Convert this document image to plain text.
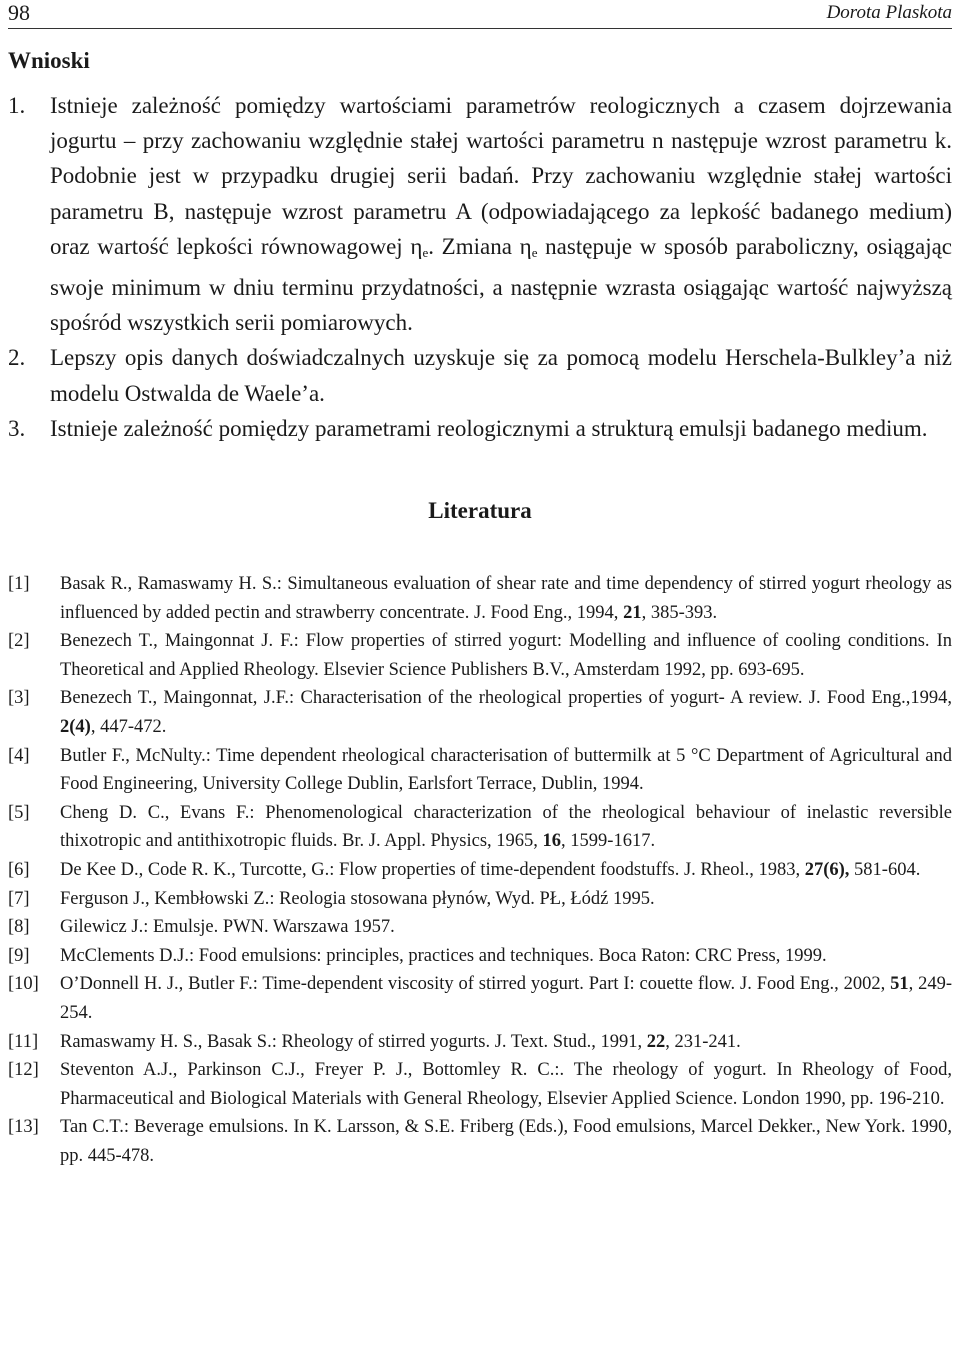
98	Dorota Plaskota
Wnioski
1. Istnieje zależność pomiędzy wartościami parametrów reologicznych a czasem dojrzewania jogurtu – przy zachowaniu względnie stałej wartości parametru n następuje wzrost parametru k. Podobnie jest w przypadku drugiej serii badań. Przy zachowaniu względnie stałej wartości parametru B, następuje wzrost parametru A (odpowiadającego za lepkość badanego medium) oraz wartość lepkości równowagowej $\eta_e$. Zmiana $\eta_e$ następuje w sposób paraboliczny, osiągając swoje minimum w dniu terminu przydatności, a następnie wzrasta osiągając wartość najwyższą spośród wszystkich serii pomiarowych.
2. Lepszy opis danych doświadczalnych uzyskuje się za pomocą modelu Herschela-Bulkley’a niż modelu Ostwalda de Waele’a.
3. Istnieje zależność pomiędzy parametrami reologicznymi a strukturą emulsji badanego medium.
Literatura
[1] Basak R., Ramaswamy H. S.: Simultaneous evaluation of shear rate and time dependency of stirred yogurt rheology as influenced by added pectin and strawberry concentrate. J. Food Eng., 1994, 21, 385-393.
[2] Benezech T., Maingonnat J. F.: Flow properties of stirred yogurt: Modelling and influence of cooling conditions. In Theoretical and Applied Rheology. Elsevier Science Publishers B.V., Amsterdam 1992, pp. 693-695.
[3] Benezech T., Maingonnat, J.F.: Characterisation of the rheological properties of yogurt- A review. J. Food Eng.,1994, 2(4), 447-472.
[4] Butler F., McNulty.: Time dependent rheological characterisation of buttermilk at 5 °C Department of Agricultural and Food Engineering, University College Dublin, Earlsfort Terrace, Dublin, 1994.
[5] Cheng D. C., Evans F.: Phenomenological characterization of the rheological behaviour of inelastic reversible thixotropic and antithixotropic fluids. Br. J. Appl. Physics, 1965, 16, 1599-1617.
[6] De Kee D., Code R. K., Turcotte, G.: Flow properties of time-dependent foodstuffs. J. Rheol., 1983, 27(6), 581-604.
[7] Ferguson J., Kembłowski Z.: Reologia stosowana płynów, Wyd. PŁ, Łódź 1995.
[8] Gilewicz J.: Emulsje. PWN. Warszawa 1957.
[9] McClements D.J.: Food emulsions: principles, practices and techniques. Boca Raton: CRC Press, 1999.
[10] O’Donnell H. J., Butler F.: Time-dependent viscosity of stirred yogurt. Part I: couette flow. J. Food Eng., 2002, 51, 249-254.
[11] Ramaswamy H. S., Basak S.: Rheology of stirred yogurts. J. Text. Stud., 1991, 22, 231-241.
[12] Steventon A.J., Parkinson C.J., Freyer P. J., Bottomley R. C.:. The rheology of yogurt. In Rheology of Food, Pharmaceutical and Biological Materials with General Rheology, Elsevier Applied Science. London 1990, pp. 196-210.
[13] Tan C.T.: Beverage emulsions. In K. Larsson, & S.E. Friberg (Eds.), Food emulsions, Marcel Dekker., New York. 1990, pp. 445-478.
